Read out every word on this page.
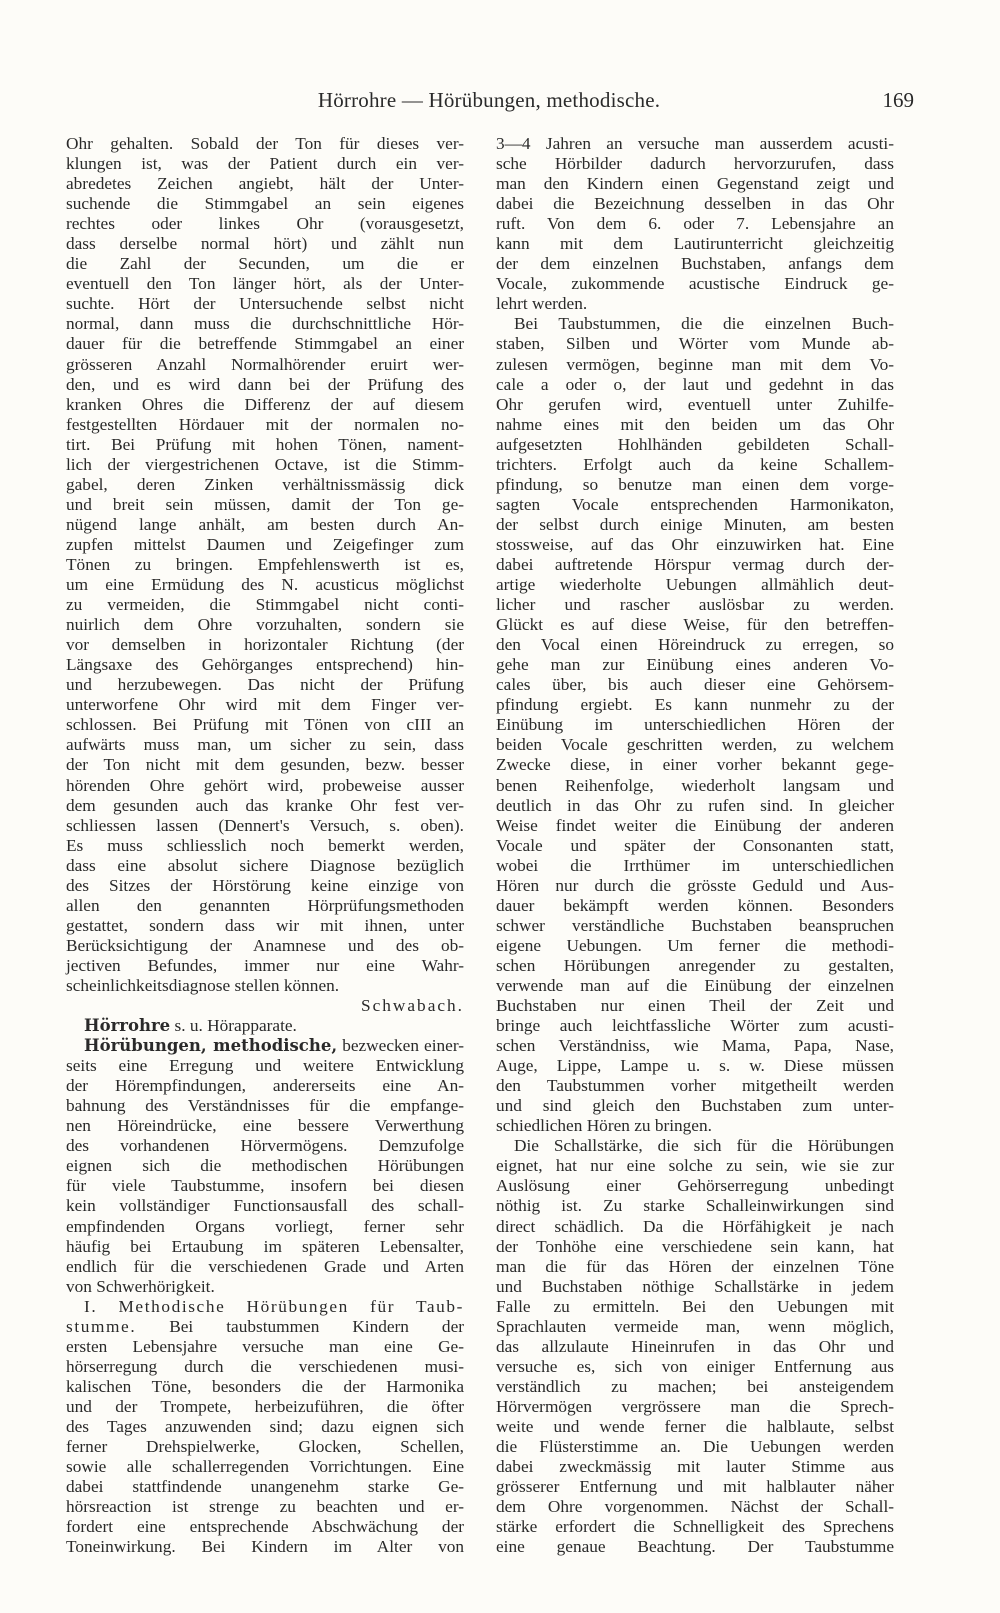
Hörrohre — Hörübungen, methodische.	169
Ohr gehalten. Sobald der Ton für dieses ver-
klungen ist, was der Patient durch ein ver-
abredetes Zeichen angiebt, hält der Unter-
suchende die Stimmgabel an sein eigenes
rechtes oder linkes Ohr (vorausgesetzt,
dass derselbe normal hört) und zählt nun
die Zahl der Secunden, um die er
eventuell den Ton länger hört, als der Unter-
suchte. Hört der Untersuchende selbst nicht
normal, dann muss die durchschnittliche Hör-
dauer für die betreffende Stimmgabel an einer
grösseren Anzahl Normalhörender eruirt wer-
den, und es wird dann bei der Prüfung des
kranken Ohres die Differenz der auf diesem
festgestellten Hördauer mit der normalen no-
tirt. Bei Prüfung mit hohen Tönen, nament-
lich der viergestrichenen Octave, ist die Stimm-
gabel, deren Zinken verhältnissmässig dick
und breit sein müssen, damit der Ton ge-
nügend lange anhält, am besten durch An-
zupfen mittelst Daumen und Zeigefinger zum
Tönen zu bringen. Empfehlenswerth ist es,
um eine Ermüdung des N. acusticus möglichst
zu vermeiden, die Stimmgabel nicht conti-
nuirlich dem Ohre vorzuhalten, sondern sie
vor demselben in horizontaler Richtung (der
Längsaxe des Gehörganges entsprechend) hin-
und herzubewegen. Das nicht der Prüfung
unterworfene Ohr wird mit dem Finger ver-
schlossen. Bei Prüfung mit Tönen von cIII an
aufwärts muss man, um sicher zu sein, dass
der Ton nicht mit dem gesunden, bezw. besser
hörenden Ohre gehört wird, probeweise ausser
dem gesunden auch das kranke Ohr fest ver-
schliessen lassen (Dennert's Versuch, s. oben).
Es muss schliesslich noch bemerkt werden,
dass eine absolut sichere Diagnose bezüglich
des Sitzes der Hörstörung keine einzige von
allen den genannten Hörprüfungsmethoden
gestattet, sondern dass wir mit ihnen, unter
Berücksichtigung der Anamnese und des ob-
jectiven Befundes, immer nur eine Wahr-
scheinlichkeitsdiagnose stellen können.
Schwabach.
Hörrohre s. u. Hörapparate.
Hörübungen, methodische, bezwecken einer-
seits eine Erregung und weitere Entwicklung
der Hörempfindungen, andererseits eine An-
bahnung des Verständnisses für die empfange-
nen Höreindrücke, eine bessere Verwerthung
des vorhandenen Hörvermögens. Demzufolge
eignen sich die methodischen Hörübungen
für viele Taubstumme, insofern bei diesen
kein vollständiger Functionsausfall des schall-
empfindenden Organs vorliegt, ferner sehr
häufig bei Ertaubung im späteren Lebensalter,
endlich für die verschiedenen Grade und Arten
von Schwerhörigkeit.
I. Methodische Hörübungen für Taub-
stumme. Bei taubstummen Kindern der
ersten Lebensjahre versuche man eine Ge-
hörserregung durch die verschiedenen musi-
kalischen Töne, besonders die der Harmonika
und der Trompete, herbeizuführen, die öfter
des Tages anzuwenden sind; dazu eignen sich
ferner Drehspielwerke, Glocken, Schellen,
sowie alle schallerregenden Vorrichtungen. Eine
dabei stattfindende unangenehm starke Ge-
hörsreaction ist strenge zu beachten und er-
fordert eine entsprechende Abschwächung der
Toneinwirkung. Bei Kindern im Alter von
3—4 Jahren an versuche man ausserdem acusti-
sche Hörbilder dadurch hervorzurufen, dass
man den Kindern einen Gegenstand zeigt und
dabei die Bezeichnung desselben in das Ohr
ruft. Von dem 6. oder 7. Lebensjahre an
kann mit dem Lautirunterricht gleichzeitig
der dem einzelnen Buchstaben, anfangs dem
Vocale, zukommende acustische Eindruck ge-
lehrt werden.
Bei Taubstummen, die die einzelnen Buch-
staben, Silben und Wörter vom Munde ab-
zulesen vermögen, beginne man mit dem Vo-
cale a oder o, der laut und gedehnt in das
Ohr gerufen wird, eventuell unter Zuhilfe-
nahme eines mit den beiden um das Ohr
aufgesetzten Hohlhänden gebildeten Schall-
trichters. Erfolgt auch da keine Schallem-
pfindung, so benutze man einen dem vorge-
sagten Vocale entsprechenden Harmonikaton,
der selbst durch einige Minuten, am besten
stossweise, auf das Ohr einzuwirken hat. Eine
dabei auftretende Hörspur vermag durch der-
artige wiederholte Uebungen allmählich deut-
licher und rascher auslösbar zu werden.
Glückt es auf diese Weise, für den betreffen-
den Vocal einen Höreindruck zu erregen, so
gehe man zur Einübung eines anderen Vo-
cales über, bis auch dieser eine Gehörsem-
pfindung ergiebt. Es kann nunmehr zu der
Einübung im unterschiedlichen Hören der
beiden Vocale geschritten werden, zu welchem
Zwecke diese, in einer vorher bekannt gege-
benen Reihenfolge, wiederholt langsam und
deutlich in das Ohr zu rufen sind. In gleicher
Weise findet weiter die Einübung der anderen
Vocale und später der Consonanten statt,
wobei die Irrthümer im unterschiedlichen
Hören nur durch die grösste Geduld und Aus-
dauer bekämpft werden können. Besonders
schwer verständliche Buchstaben beanspruchen
eigene Uebungen. Um ferner die methodi-
schen Hörübungen anregender zu gestalten,
verwende man auf die Einübung der einzelnen
Buchstaben nur einen Theil der Zeit und
bringe auch leichtfassliche Wörter zum acusti-
schen Verständniss, wie Mama, Papa, Nase,
Auge, Lippe, Lampe u. s. w. Diese müssen
den Taubstummen vorher mitgetheilt werden
und sind gleich den Buchstaben zum unter-
schiedlichen Hören zu bringen.
Die Schallstärke, die sich für die Hörübungen
eignet, hat nur eine solche zu sein, wie sie zur
Auslösung einer Gehörserregung unbedingt
nöthig ist. Zu starke Schalleinwirkungen sind
direct schädlich. Da die Hörfähigkeit je nach
der Tonhöhe eine verschiedene sein kann, hat
man die für das Hören der einzelnen Töne
und Buchstaben nöthige Schallstärke in jedem
Falle zu ermitteln. Bei den Uebungen mit
Sprachlauten vermeide man, wenn möglich,
das allzulaute Hineinrufen in das Ohr und
versuche es, sich von einiger Entfernung aus
verständlich zu machen; bei ansteigendem
Hörvermögen vergrössere man die Sprech-
weite und wende ferner die halblaute, selbst
die Flüsterstimme an. Die Uebungen werden
dabei zweckmässig mit lauter Stimme aus
grösserer Entfernung und mit halblauter näher
dem Ohre vorgenommen. Nächst der Schall-
stärke erfordert die Schnelligkeit des Sprechens
eine genaue Beachtung. Der Taubstumme
